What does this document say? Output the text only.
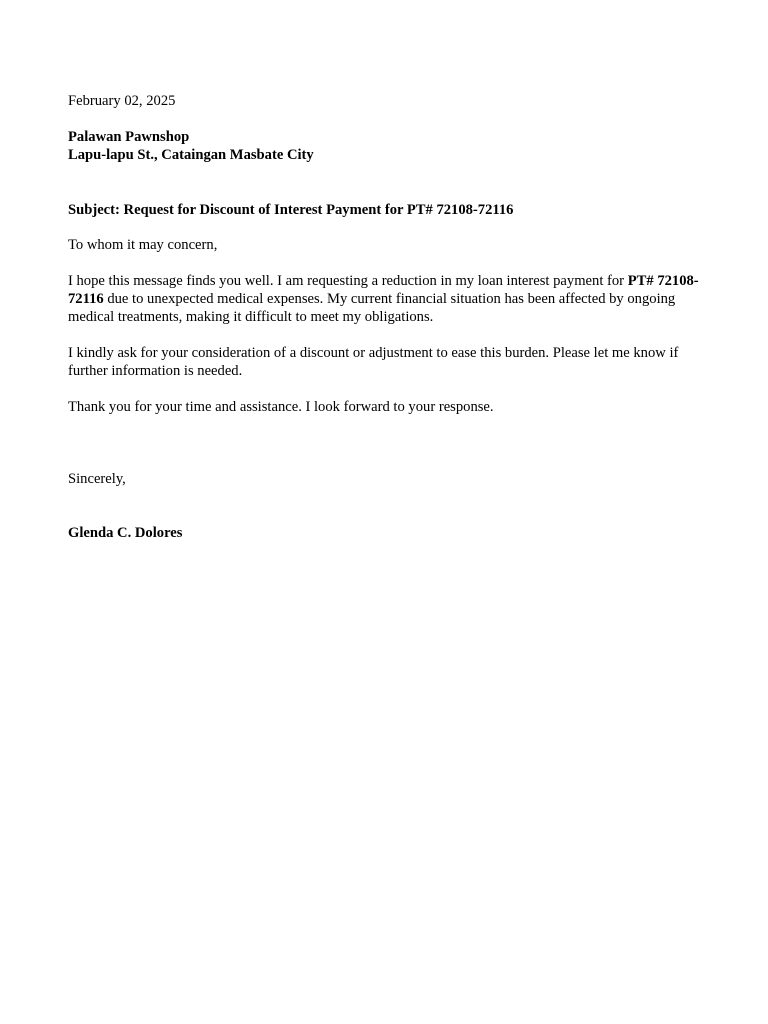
February 02, 2025
Palawan Pawnshop
Lapu-lapu St., Cataingan Masbate City
Subject: Request for Discount of Interest Payment for PT# 72108-72116
To whom it may concern,
I hope this message finds you well. I am requesting a reduction in my loan interest payment for PT# 72108-72116 due to unexpected medical expenses. My current financial situation has been affected by ongoing medical treatments, making it difficult to meet my obligations.
I kindly ask for your consideration of a discount or adjustment to ease this burden. Please let me know if further information is needed.
Thank you for your time and assistance. I look forward to your response.
Sincerely,
Glenda C. Dolores
